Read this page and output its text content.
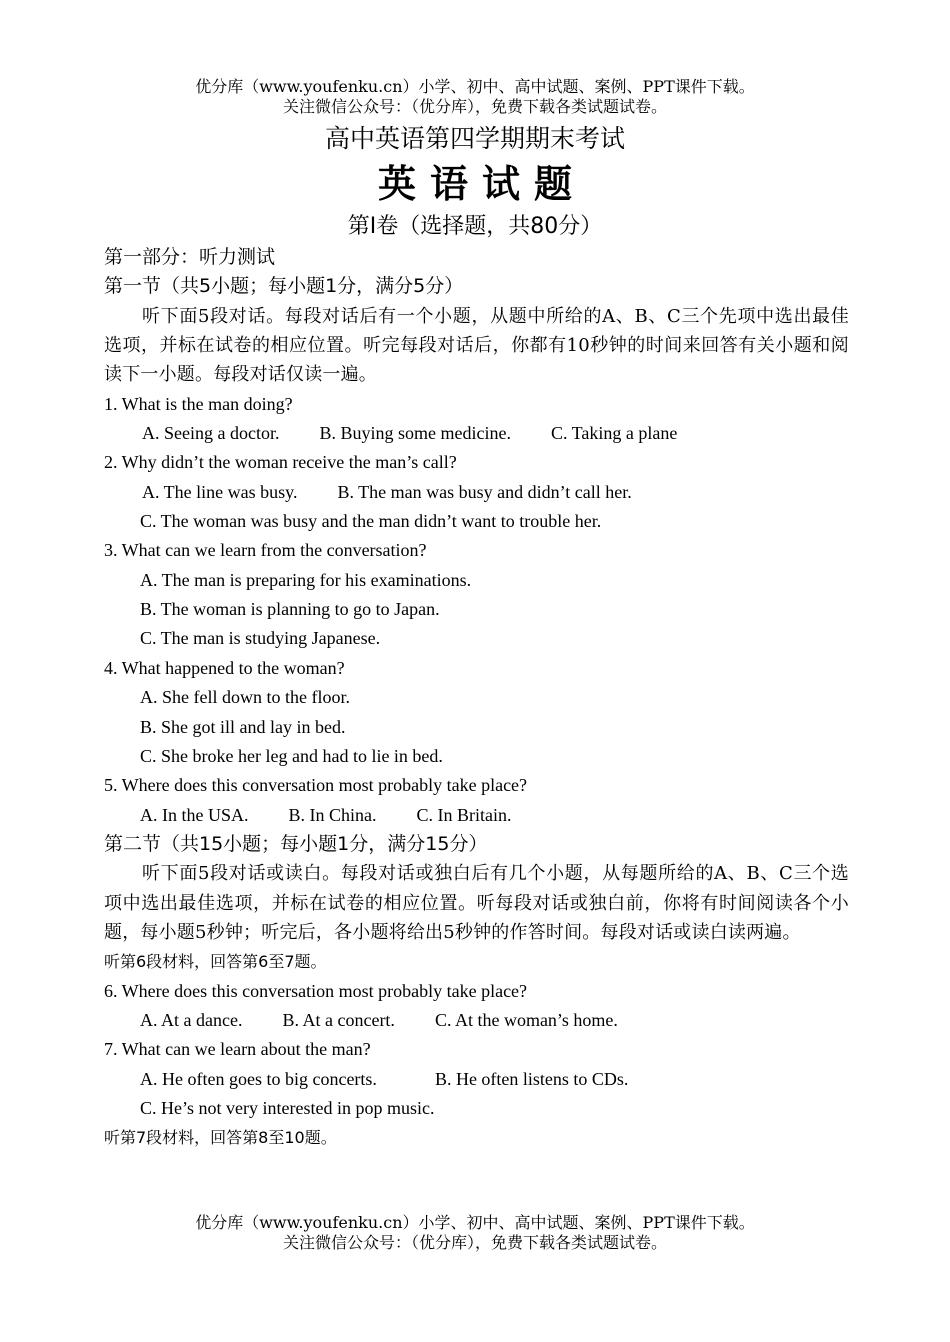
优分库（www.youfenku.cn）小学、初中、高中试题、案例、PPT课件下载。
关注微信公众号：（优分库），免费下载各类试题试卷。
高中英语第四学期期末考试
英语试题
第Ⅰ卷（选择题，共80分）
第一部分：听力测试
第一节（共5小题；每小题1分，满分5分）
听下面5段对话。每段对话后有一个小题，从题中所给的A、B、C三个先项中选出最佳选项，并标在试卷的相应位置。听完每段对话后，你都有10秒钟的时间来回答有关小题和阅读下一小题。每段对话仅读一遍。
1. What is the man doing?
A. Seeing a doctor. B. Buying some medicine. C. Taking a plane
2. Why didn’t the woman receive the man’s call?
A. The line was busy. B. The man was busy and didn’t call her.
C. The woman was busy and the man didn’t want to trouble her.
3. What can we learn from the conversation?
A. The man is preparing for his examinations.
B. The woman is planning to go to Japan.
C. The man is studying Japanese.
4. What happened to the woman?
A. She fell down to the floor.
B. She got ill and lay in bed.
C. She broke her leg and had to lie in bed.
5. Where does this conversation most probably take place?
A. In the USA. B. In China. C. In Britain.
第二节（共15小题；每小题1分，满分15分）
听下面5段对话或读白。每段对话或独白后有几个小题，从每题所给的A、B、C三个选项中选出最佳选项，并标在试卷的相应位置。听每段对话或独白前，你将有时间阅读各个小题，每小题5秒钟；听完后，各小题将给出5秒钟的作答时间。每段对话或读白读两遍。
听第6段材料，回答第6至7题。
6. Where does this conversation most probably take place?
A. At a dance. B. At a concert. C. At the woman’s home.
7. What can we learn about the man?
A. He often goes to big concerts.	B. He often listens to CDs.
C. He’s not very interested in pop music.
听第7段材料，回答第8至10题。
优分库（www.youfenku.cn）小学、初中、高中试题、案例、PPT课件下载。
关注微信公众号：（优分库），免费下载各类试题试卷。
